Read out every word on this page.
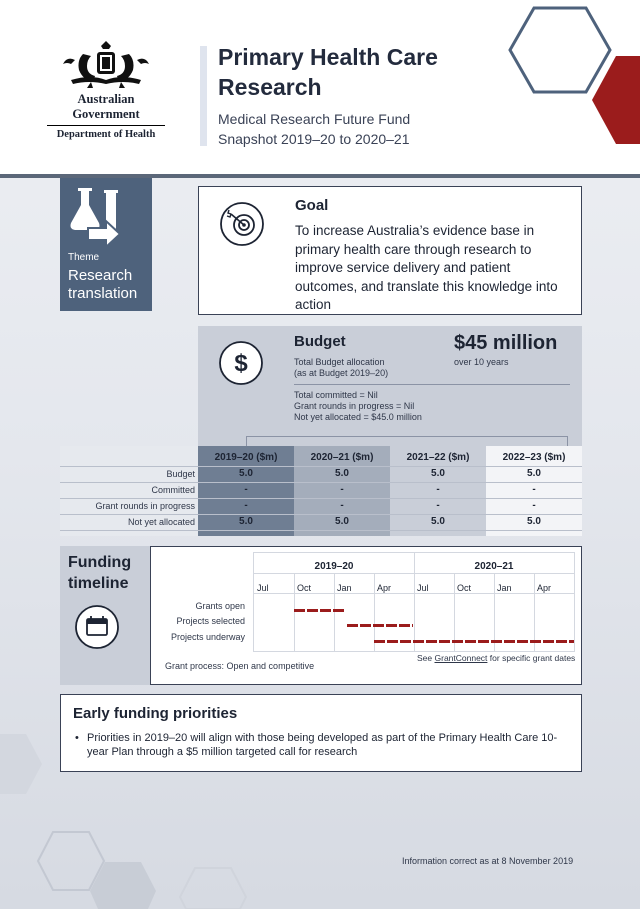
Australian Government
Department of Health
Primary Health Care Research
Medical Research Future Fund
Snapshot 2019–20 to 2020–21
Theme
Research translation
Goal
To increase Australia’s evidence base in primary health care through research to improve service delivery and patient outcomes, and translate this knowledge into action
$
Budget
Total Budget allocation
(as at Budget 2019–20)
$45 million
over 10 years
Total committed = Nil
Grant rounds in progress = Nil
Not yet allocated = $45.0 million
2019–20 ($m)	2020–21 ($m)	2021–22 ($m)	2022–23 ($m)
Budget	5.0	5.0	5.0	5.0
Committed	-	-	-	-
Grant rounds in progress	-	-	-	-
Not yet allocated	5.0	5.0	5.0	5.0
Funding
timeline
2019–20	2020–21
Jul	Oct	Jan	Apr	Jul	Oct	Jan	Apr
Grants open
Projects selected
Projects underway
See GrantConnect for specific grant dates
Grant process: Open and competitive
Early funding priorities
• Priorities in 2019–20 will align with those being developed as part of the Primary Health Care 10-year Plan through a $5 million targeted call for research
Information correct as at 8 November 2019
